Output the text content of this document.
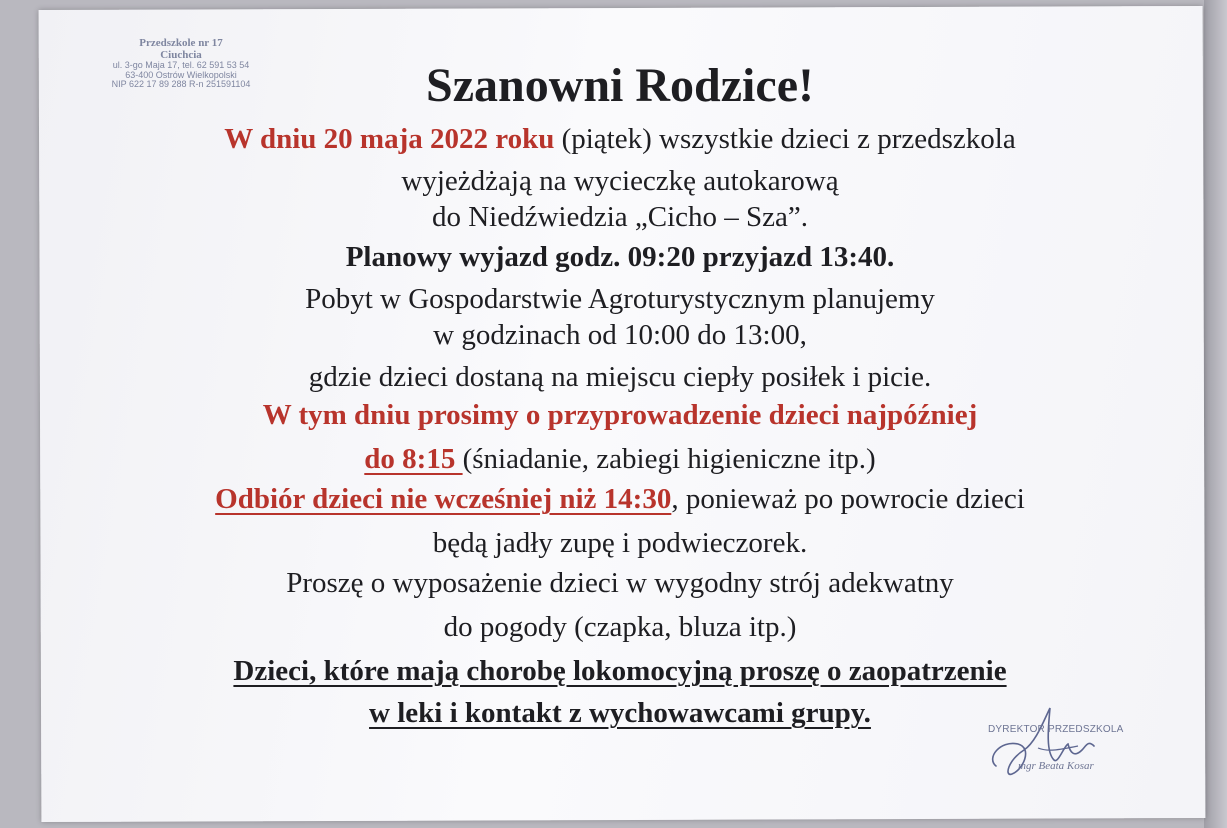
Przedszkole nr 17
Ciuchcia
ul. 3-go Maja 17, tel. 62 591 53 54
63-400 Ostrów Wielkopolski
NIP 622 17 89 288 R-n 251591104	Szanowni Rodzice!
W dniu 20 maja 2022 roku (piątek) wszystkie dzieci z przedszkola
wyjeżdżają na wycieczkę autokarową
do Niedźwiedzia „Cicho – Sza”.
Planowy wyjazd godz. 09:20 przyjazd 13:40.
Pobyt w Gospodarstwie Agroturystycznym planujemy
w godzinach od 10:00 do 13:00,
gdzie dzieci dostaną na miejscu ciepły posiłek i picie.
W tym dniu prosimy o przyprowadzenie dzieci najpóźniej
do 8:15 (śniadanie, zabiegi higieniczne itp.)
Odbiór dzieci nie wcześniej niż 14:30, ponieważ po powrocie dzieci
będą jadły zupę i podwieczorek.
Proszę o wyposażenie dzieci w wygodny strój adekwatny
do pogody (czapka, bluza itp.)
Dzieci, które mają chorobę lokomocyjną proszę o zaopatrzenie
w leki i kontakt z wychowawcami grupy.
DYREKTOR PRZEDSZKOLA
mgr Beata Kosar
